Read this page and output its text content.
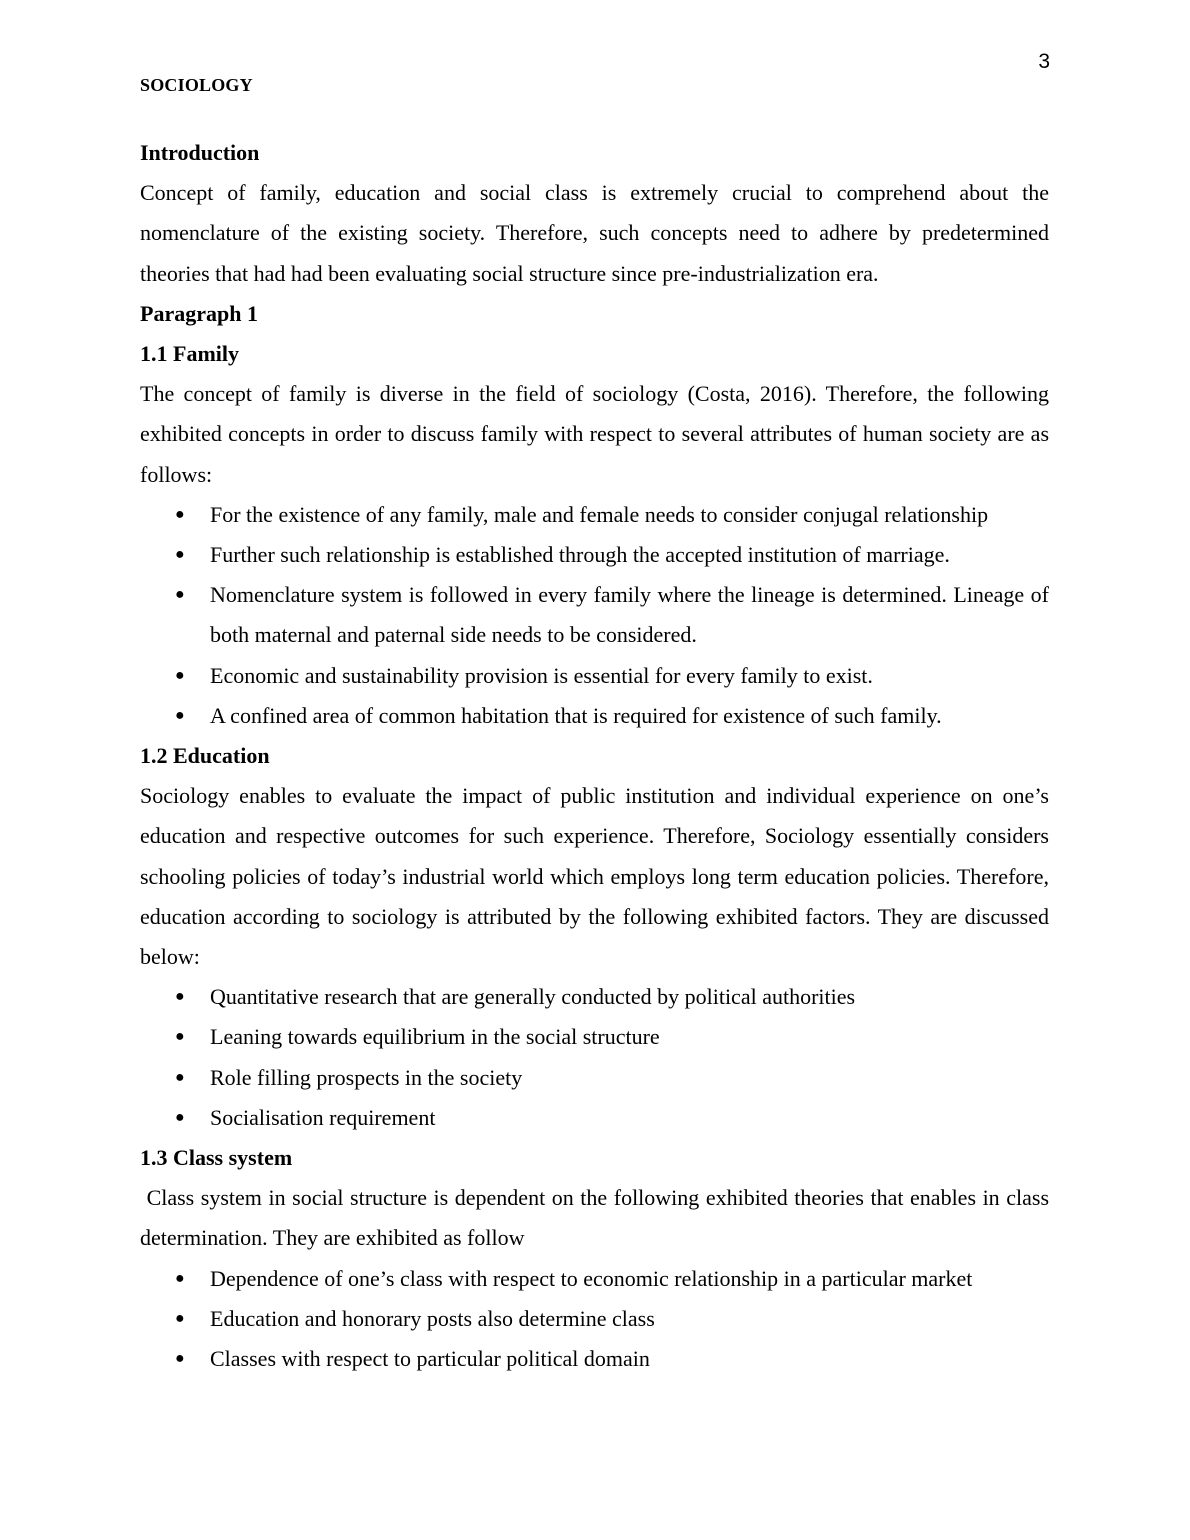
3
SOCIOLOGY

Introduction

Concept of family, education and social class is extremely crucial to comprehend about the nomenclature of the existing society. Therefore, such concepts need to adhere by predetermined theories that had had been evaluating social structure since pre-industrialization era.

Paragraph 1

1.1 Family

The concept of family is diverse in the field of sociology (Costa, 2016). Therefore, the following exhibited concepts in order to discuss family with respect to several attributes of human society are as follows:

● For the existence of any family, male and female needs to consider conjugal relationship
● Further such relationship is established through the accepted institution of marriage.
● Nomenclature system is followed in every family where the lineage is determined. Lineage of both maternal and paternal side needs to be considered.
● Economic and sustainability provision is essential for every family to exist.
● A confined area of common habitation that is required for existence of such family.

1.2 Education

Sociology enables to evaluate the impact of public institution and individual experience on one’s education and respective outcomes for such experience. Therefore, Sociology essentially considers schooling policies of today’s industrial world which employs long term education policies. Therefore, education according to sociology is attributed by the following exhibited factors. They are discussed below:

● Quantitative research that are generally conducted by political authorities
● Leaning towards equilibrium in the social structure
● Role filling prospects in the society
● Socialisation requirement

1.3 Class system

Class system in social structure is dependent on the following exhibited theories that enables in class determination. They are exhibited as follow

● Dependence of one’s class with respect to economic relationship in a particular market
● Education and honorary posts also determine class
● Classes with respect to particular political domain
